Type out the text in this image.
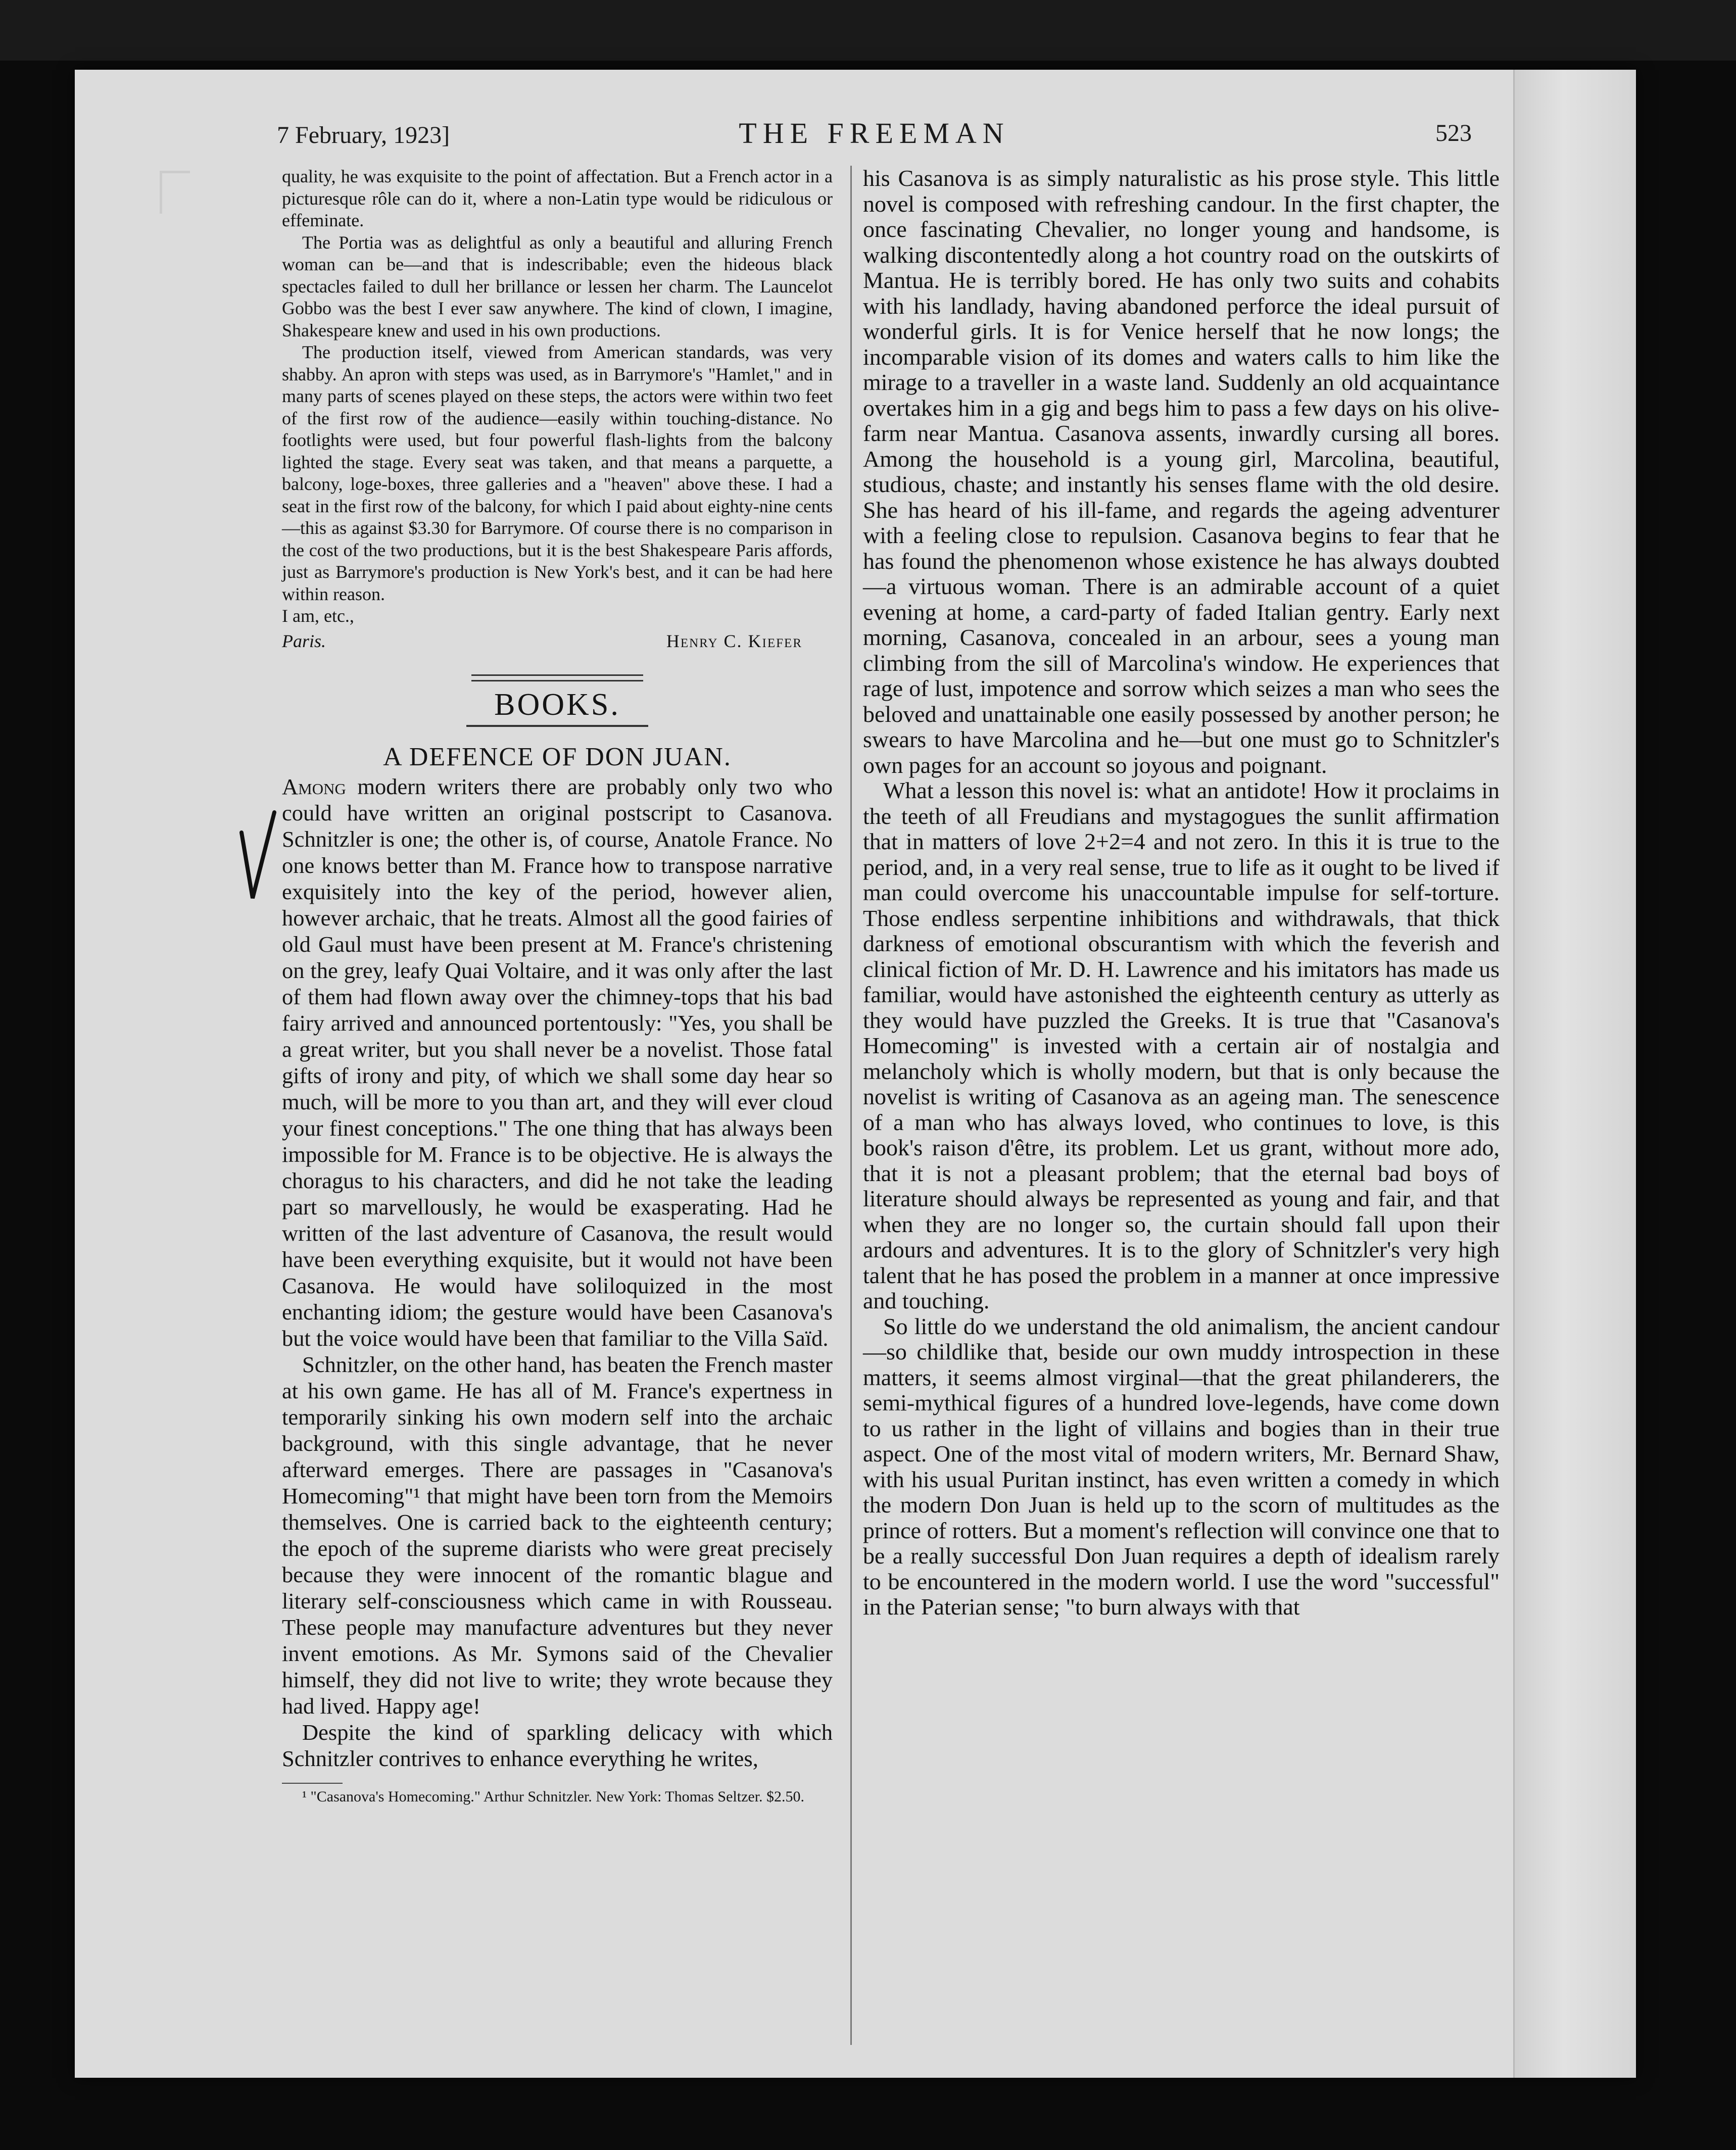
7 February, 1923]	THE FREEMAN	523

quality, he was exquisite to the point of affectation. But a French actor in a picturesque rôle can do it, where a non-Latin type would be ridiculous or effeminate.

The Portia was as delightful as only a beautiful and alluring French woman can be—and that is indescribable; even the hideous black spectacles failed to dull her brillance or lessen her charm. The Launcelot Gobbo was the best I ever saw anywhere. The kind of clown, I imagine, Shakespeare knew and used in his own productions.

The production itself, viewed from American standards, was very shabby. An apron with steps was used, as in Barrymore's "Hamlet," and in many parts of scenes played on these steps, the actors were within two feet of the first row of the audience—easily within touching-distance. No footlights were used, but four powerful flash-lights from the balcony lighted the stage. Every seat was taken, and that means a parquette, a balcony, loge-boxes, three galleries and a "heaven" above these. I had a seat in the first row of the balcony, for which I paid about eighty-nine cents—this as against $3.30 for Barrymore. Of course there is no comparison in the cost of the two productions, but it is the best Shakespeare Paris affords, just as Barrymore's production is New York's best, and it can be had here within reason.

I am, etc.,

Paris.	Henry C. Kiefer
BOOKS.
A DEFENCE OF DON JUAN.

Among modern writers there are probably only two who could have written an original postscript to Casanova. Schnitzler is one; the other is, of course, Anatole France. No one knows better than M. France how to transpose narrative exquisitely into the key of the period, however alien, however archaic, that he treats. Almost all the good fairies of old Gaul must have been present at M. France's christening on the grey, leafy Quai Voltaire, and it was only after the last of them had flown away over the chimney-tops that his bad fairy arrived and announced portentously: "Yes, you shall be a great writer, but you shall never be a novelist. Those fatal gifts of irony and pity, of which we shall some day hear so much, will be more to you than art, and they will ever cloud your finest conceptions." The one thing that has always been impossible for M. France is to be objective. He is always the choragus to his characters, and did he not take the leading part so marvellously, he would be exasperating. Had he written of the last adventure of Casanova, the result would have been everything exquisite, but it would not have been Casanova. He would have soliloquized in the most enchanting idiom; the gesture would have been Casanova's but the voice would have been that familiar to the Villa Saïd.

Schnitzler, on the other hand, has beaten the French master at his own game. He has all of M. France's expertness in temporarily sinking his own modern self into the archaic background, with this single advantage, that he never afterward emerges. There are passages in "Casanova's Homecoming"¹ that might have been torn from the Memoirs themselves. One is carried back to the eighteenth century; the epoch of the supreme diarists who were great precisely because they were innocent of the romantic blague and literary self-consciousness which came in with Rousseau. These people may manufacture adventures but they never invent emotions. As Mr. Symons said of the Chevalier himself, they did not live to write; they wrote because they had lived. Happy age!

Despite the kind of sparkling delicacy with which Schnitzler contrives to enhance everything he writes,

¹ "Casanova's Homecoming." Arthur Schnitzler. New York: Thomas Seltzer. $2.50.

his Casanova is as simply naturalistic as his prose style. This little novel is composed with refreshing candour. In the first chapter, the once fascinating Chevalier, no longer young and handsome, is walking discontentedly along a hot country road on the outskirts of Mantua. He is terribly bored. He has only two suits and cohabits with his landlady, having abandoned perforce the ideal pursuit of wonderful girls. It is for Venice herself that he now longs; the incomparable vision of its domes and waters calls to him like the mirage to a traveller in a waste land. Suddenly an old acquaintance overtakes him in a gig and begs him to pass a few days on his olive-farm near Mantua. Casanova assents, inwardly cursing all bores. Among the household is a young girl, Marcolina, beautiful, studious, chaste; and instantly his senses flame with the old desire. She has heard of his ill-fame, and regards the ageing adventurer with a feeling close to repulsion. Casanova begins to fear that he has found the phenomenon whose existence he has always doubted—a virtuous woman. There is an admirable account of a quiet evening at home, a card-party of faded Italian gentry. Early next morning, Casanova, concealed in an arbour, sees a young man climbing from the sill of Marcolina's window. He experiences that rage of lust, impotence and sorrow which seizes a man who sees the beloved and unattainable one easily possessed by another person; he swears to have Marcolina and he—but one must go to Schnitzler's own pages for an account so joyous and poignant.

What a lesson this novel is: what an antidote! How it proclaims in the teeth of all Freudians and mystagogues the sunlit affirmation that in matters of love 2+2=4 and not zero. In this it is true to the period, and, in a very real sense, true to life as it ought to be lived if man could overcome his unaccountable impulse for self-torture. Those endless serpentine inhibitions and withdrawals, that thick darkness of emotional obscurantism with which the feverish and clinical fiction of Mr. D. H. Lawrence and his imitators has made us familiar, would have astonished the eighteenth century as utterly as they would have puzzled the Greeks. It is true that "Casanova's Homecoming" is invested with a certain air of nostalgia and melancholy which is wholly modern, but that is only because the novelist is writing of Casanova as an ageing man. The senescence of a man who has always loved, who continues to love, is this book's raison d'être, its problem. Let us grant, without more ado, that it is not a pleasant problem; that the eternal bad boys of literature should always be represented as young and fair, and that when they are no longer so, the curtain should fall upon their ardours and adventures. It is to the glory of Schnitzler's very high talent that he has posed the problem in a manner at once impressive and touching.

So little do we understand the old animalism, the ancient candour—so childlike that, beside our own muddy introspection in these matters, it seems almost virginal—that the great philanderers, the semi-mythical figures of a hundred love-legends, have come down to us rather in the light of villains and bogies than in their true aspect. One of the most vital of modern writers, Mr. Bernard Shaw, with his usual Puritan instinct, has even written a comedy in which the modern Don Juan is held up to the scorn of multitudes as the prince of rotters. But a moment's reflection will convince one that to be a really successful Don Juan requires a depth of idealism rarely to be encountered in the modern world. I use the word "successful" in the Paterian sense; "to burn always with that
